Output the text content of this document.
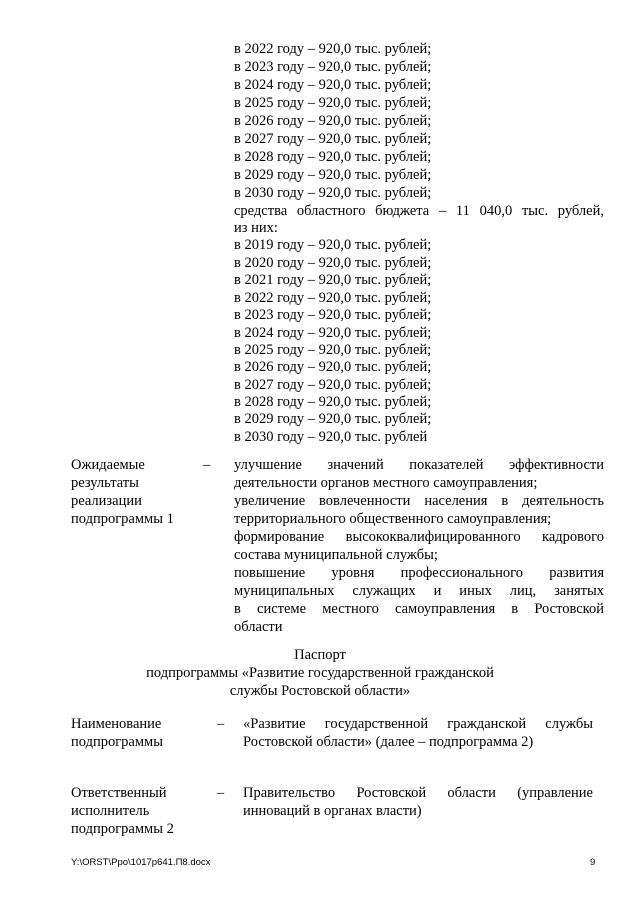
в 2022 году – 920,0 тыс. рублей;
в 2023 году – 920,0 тыс. рублей;
в 2024 году – 920,0 тыс. рублей;
в 2025 году – 920,0 тыс. рублей;
в 2026 году – 920,0 тыс. рублей;
в 2027 году – 920,0 тыс. рублей;
в 2028 году – 920,0 тыс. рублей;
в 2029 году – 920,0 тыс. рублей;
в 2030 году – 920,0 тыс. рублей;
средства областного бюджета – 11 040,0 тыс. рублей,
из них:
в 2019 году – 920,0 тыс. рублей;
в 2020 году – 920,0 тыс. рублей;
в 2021 году – 920,0 тыс. рублей;
в 2022 году – 920,0 тыс. рублей;
в 2023 году – 920,0 тыс. рублей;
в 2024 году – 920,0 тыс. рублей;
в 2025 году – 920,0 тыс. рублей;
в 2026 году – 920,0 тыс. рублей;
в 2027 году – 920,0 тыс. рублей;
в 2028 году – 920,0 тыс. рублей;
в 2029 году – 920,0 тыс. рублей;
в 2030 году – 920,0 тыс. рублей
Ожидаемые
результаты
реализации
подпрограммы 1
– улучшение значений показателей эффективности
деятельности органов местного самоуправления;
увеличение вовлеченности населения в деятельность
территориального общественного самоуправления;
формирование высококвалифицированного кадрового
состава муниципальной службы;
повышение уровня профессионального развития
муниципальных служащих и иных лиц, занятых
в системе местного самоуправления в Ростовской
области
Паспорт
подпрограммы «Развитие государственной гражданской
службы Ростовской области»
Наименование
подпрограммы
– «Развитие государственной гражданской службы
Ростовской области» (далее – подпрограмма 2)
Ответственный
исполнитель
подпрограммы 2
– Правительство Ростовской области (управление
инноваций в органах власти)
Y:\ORST\Ppo\1017p641.П8.docx	9
